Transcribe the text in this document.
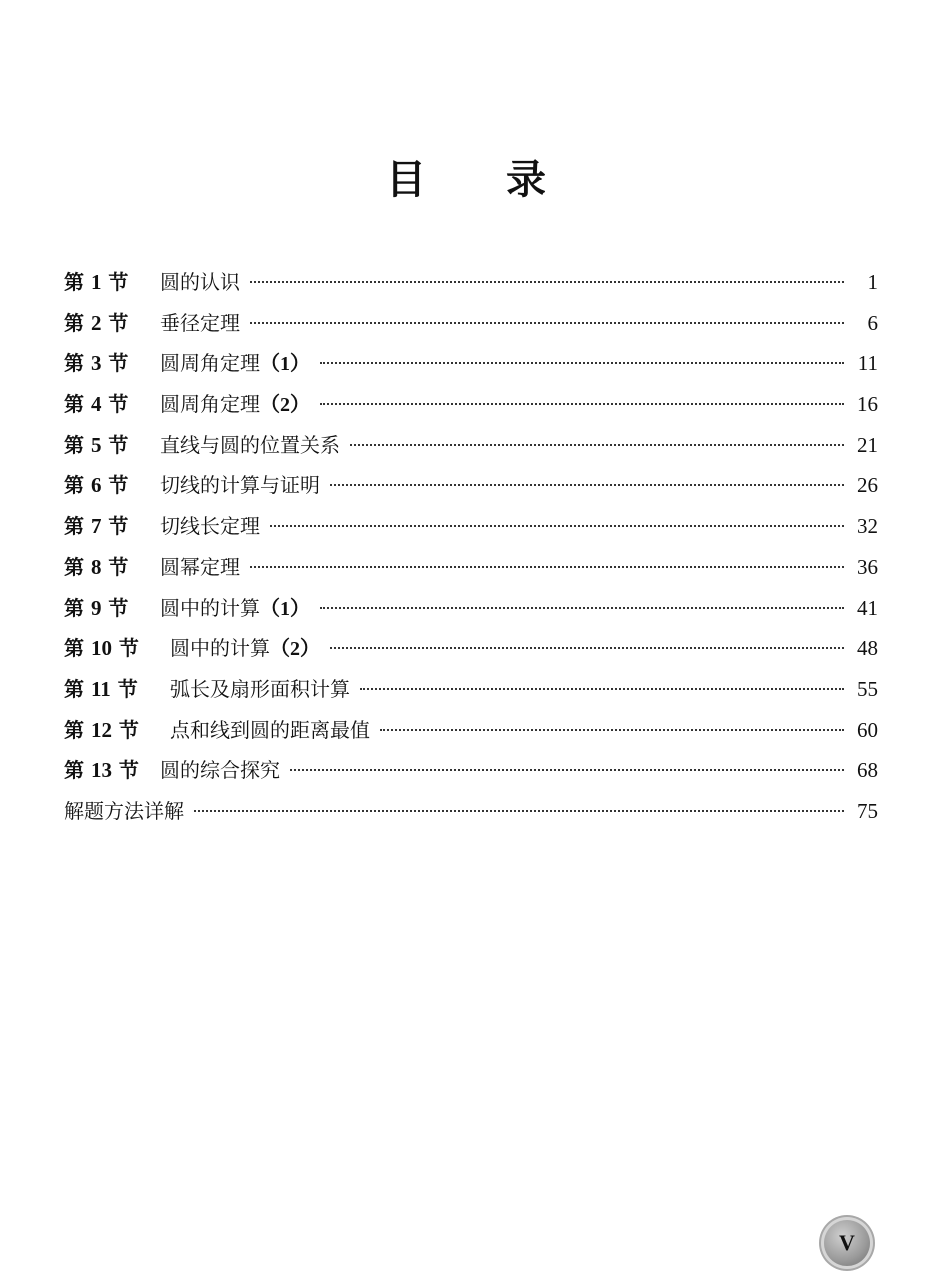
目　　录
第 1 节	圆的认识	1
第 2 节	垂径定理	6
第 3 节	圆周角定理（1）	11
第 4 节	圆周角定理（2）	16
第 5 节	直线与圆的位置关系	21
第 6 节	切线的计算与证明	26
第 7 节	切线长定理	32
第 8 节	圆幂定理	36
第 9 节	圆中的计算（1）	41
第 10 节	圆中的计算（2）	48
第 11 节	弧长及扇形面积计算	55
第 12 节	点和线到圆的距离最值	60
第 13 节	圆的综合探究	68
解题方法详解	75
V
